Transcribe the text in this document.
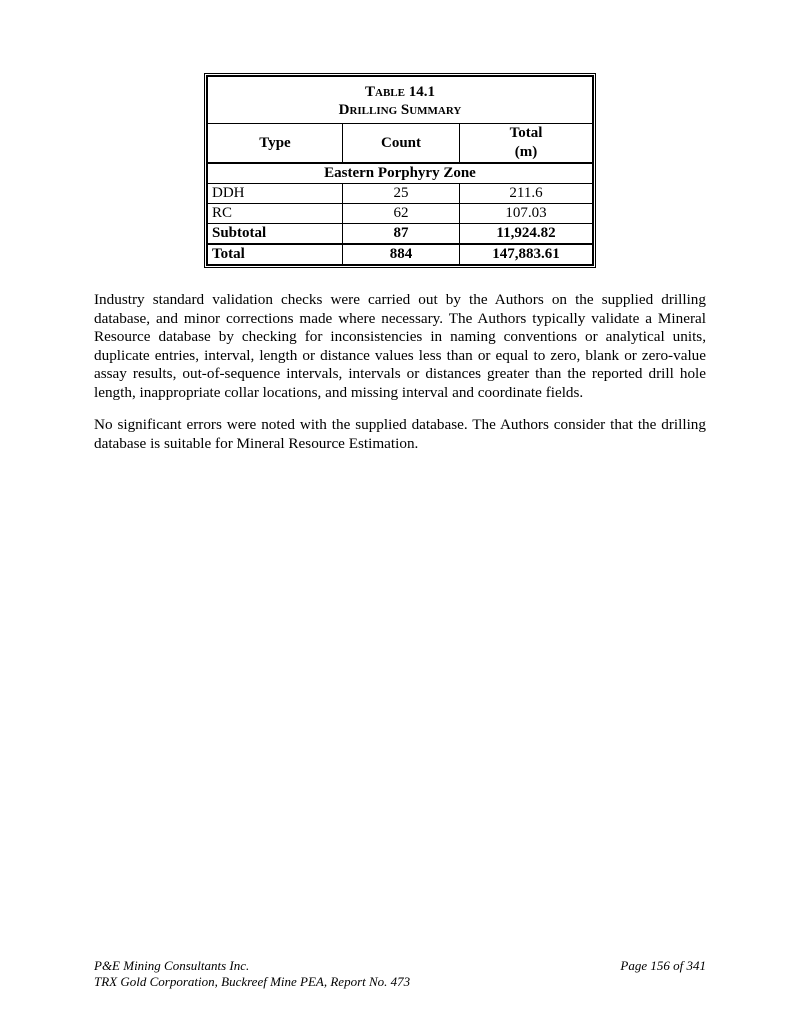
Table 14.1
Drilling Summary		

Type	Count	Total
(m)

Eastern Porphyry Zone		
DDH	25	211.6
RC	62	107.03
Subtotal	87	11,924.82
Total	884	147,883.61

Industry standard validation checks were carried out by the Authors on the supplied drilling database, and minor corrections made where necessary. The Authors typically validate a Mineral Resource database by checking for inconsistencies in naming conventions or analytical units, duplicate entries, interval, length or distance values less than or equal to zero, blank or zero-value assay results, out-of-sequence intervals, intervals or distances greater than the reported drill hole length, inappropriate collar locations, and missing interval and coordinate fields.

No significant errors were noted with the supplied database. The Authors consider that the drilling database is suitable for Mineral Resource Estimation.

P&E Mining Consultants Inc.
TRX Gold Corporation, Buckreef Mine PEA, Report No. 473
Page 156 of 341
